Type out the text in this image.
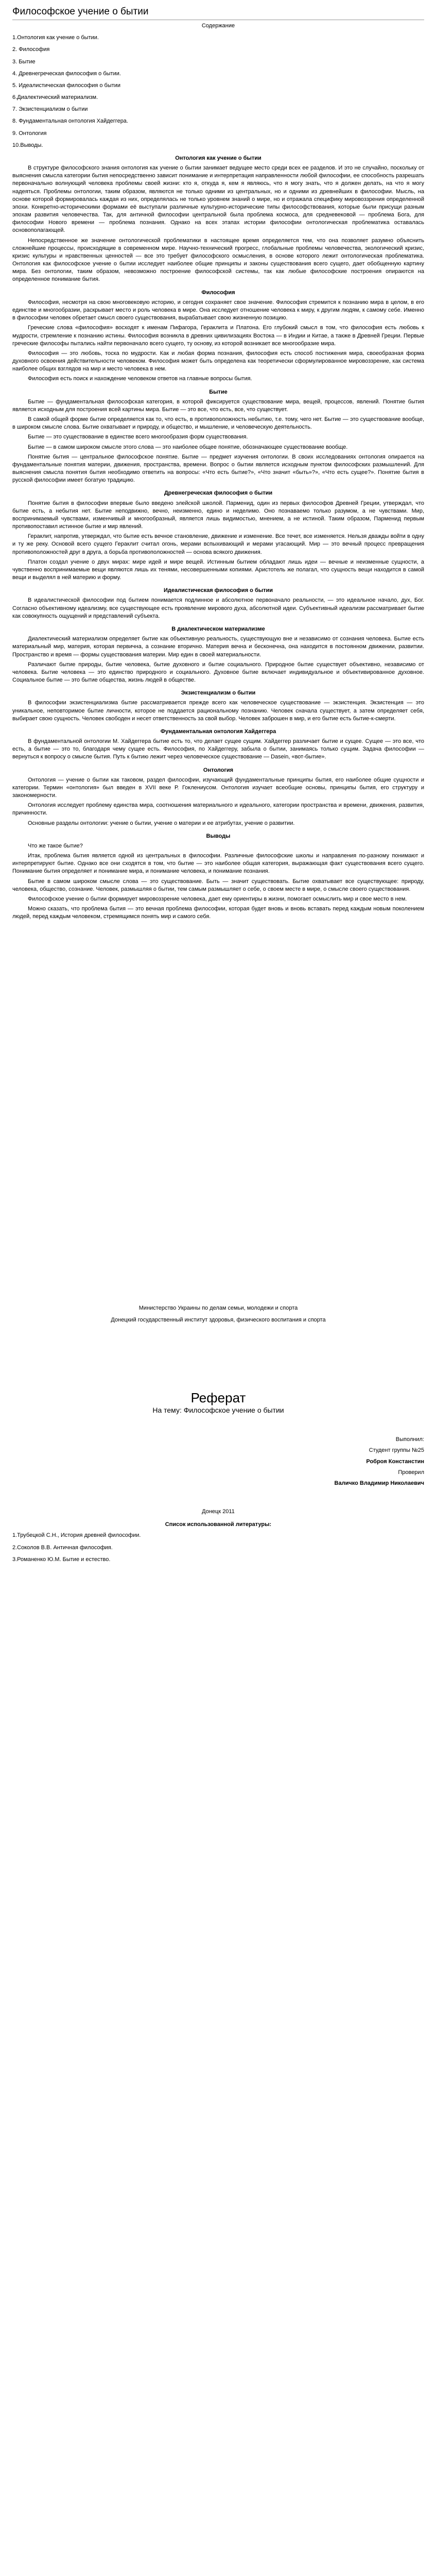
Философское учение о бытии
Содержание
1.Онтология как учение о бытии.
2. Философия
3. Бытие
4. Древнегреческая философия о бытии.
5. Идеалистическая философия о бытии
6.Диалектический материализм.
7. Экзистенциализм о бытии
8. Фундаментальная онтология Хайдеггера.
9. Онтология
10.Выводы.
Онтология как учение о бытии

В структуре философского знания онтология как учение о бытии занимает ведущее место среди всех ее разделов. И это не случайно, поскольку от выяснения смысла категории бытия непосредственно зависит понимание и интерпретация направленности любой философии, ее способность разрешать первоначально волнующий человека проблемы своей жизни: кто я, откуда я, кем я являюсь, что я могу знать, что я должен делать, на что я могу надеяться. Проблемы онтологии, таким образом, являются не только одними из центральных, но и одними из древнейших в философии. Мысль, на основе которой формировалась каждая из них, определялась не только уровнем знаний о мире, но и отражала специфику мировоззрения определенной эпохи. Конкретно-историческими формами её выступали различные культурно-исторические типы философствования, которые были присущи разным эпохам развития человечества. Так, для античной философии центральной была проблема космоса, для средневековой — проблема Бога, для философии Нового времени — проблема познания. Однако на всех этапах истории философии онтологическая проблематика оставалась основополагающей.

Непосредственное же значение онтологической проблематики в настоящее время определяется тем, что она позволяет разумно объяснить сложнейшие процессы, происходящие в современном мире. Научно-технический прогресс, глобальные проблемы человечества, экологический кризис, кризис культуры и нравственных ценностей — все это требует философского осмысления, в основе которого лежит онтологическая проблематика. Онтология как философское учение о бытии исследует наиболее общие принципы и законы существования всего сущего, дает обобщенную картину мира. Без онтологии, таким образом, невозможно построение философской системы, так как любые философские построения опираются на определенное понимание бытия.

Философия

Философия, несмотря на свою многовековую историю, и сегодня сохраняет свое значение. Философия стремится к познанию мира в целом, в его единстве и многообразии, раскрывает место и роль человека в мире. Она исследует отношение человека к миру, к другим людям, к самому себе. Именно в философии человек обретает смысл своего существования, вырабатывает свою жизненную позицию.

Греческие слова «философия» восходят к именам Пифагора, Гераклита и Платона. Его глубокий смысл в том, что философия есть любовь к мудрости, стремление к познанию истины. Философия возникла в древних цивилизациях Востока — в Индии и Китае, а также в Древней Греции. Первые греческие философы пытались найти первоначало всего сущего, ту основу, из которой возникает все многообразие мира.

Философия — это любовь, тоска по мудрости. Как и любая форма познания, философия есть способ постижения мира, своеобразная форма духовного освоения действительности человеком. Философия может быть определена как теоретически сформулированное мировоззрение, как система наиболее общих взглядов на мир и место человека в нем.

Философия есть поиск и нахождение человеком ответов на главные вопросы бытия.

Бытие

Бытие — фундаментальная философская категория, в которой фиксируется существование мира, вещей, процессов, явлений. Понятие бытия является исходным для построения всей картины мира. Бытие — это все, что есть, все, что существует.

В самой общей форме бытие определяется как то, что есть, в противоположность небытию, т.е. тому, чего нет. Бытие — это существование вообще, в широком смысле слова. Бытие охватывает и природу, и общество, и мышление, и человеческую деятельность.

Бытие — это существование в единстве всего многообразия форм существования.

Бытие — в самом широком смысле этого слова — это наиболее общее понятие, обозначающее существование вообще.

Понятие бытия — центральное философское понятие. Бытие — предмет изучения онтологии. В своих исследованиях онтология опирается на фундаментальные понятия материи, движения, пространства, времени. Вопрос о бытии является исходным пунктом философских размышлений. Для выяснения смысла понятия бытия необходимо ответить на вопросы: «Что есть бытие?», «Что значит «быть»?», «Что есть сущее?». Понятие бытия в русской философии имеет богатую традицию.

Древнегреческая философия о бытии

Понятие бытия в философии впервые было введено элейской школой. Парменид, один из первых философов Древней Греции, утверждал, что бытие есть, а небытия нет. Бытие неподвижно, вечно, неизменно, едино и неделимо. Оно познаваемо только разумом, а не чувствами. Мир, воспринимаемый чувствами, изменчивый и многообразный, является лишь видимостью, мнением, а не истиной. Таким образом, Парменид первым противопоставил истинное бытие и мир явлений.

Гераклит, напротив, утверждал, что бытие есть вечное становление, движение и изменение. Все течет, все изменяется. Нельзя дважды войти в одну и ту же реку. Основой всего сущего Гераклит считал огонь, мерами вспыхивающий и мерами угасающий. Мир — это вечный процесс превращения противоположностей друг в друга, а борьба противоположностей — основа всякого движения.

Платон создал учение о двух мирах: мире идей и мире вещей. Истинным бытием обладают лишь идеи — вечные и неизменные сущности, а чувственно воспринимаемые вещи являются лишь их тенями, несовершенными копиями. Аристотель же полагал, что сущность вещи находится в самой вещи и выделял в ней материю и форму.

Идеалистическая философия о бытии

В идеалистической философии под бытием понимается подлинное и абсолютное первоначало реальности, — это идеальное начало, дух, Бог. Согласно объективному идеализму, все существующее есть проявление мирового духа, абсолютной идеи. Субъективный идеализм рассматривает бытие как совокупность ощущений и представлений субъекта.

В диалектическом материализме

Диалектический материализм определяет бытие как объективную реальность, существующую вне и независимо от сознания человека. Бытие есть материальный мир, материя, которая первична, а сознание вторично. Материя вечна и бесконечна, она находится в постоянном движении, развитии. Пространство и время — формы существования материи. Мир един в своей материальности.

Различают бытие природы, бытие человека, бытие духовного и бытие социального. Природное бытие существует объективно, независимо от человека. Бытие человека — это единство природного и социального. Духовное бытие включает индивидуальное и объективированное духовное. Социальное бытие — это бытие общества, жизнь людей в обществе.

Экзистенциализм о бытии

В философии экзистенциализма бытие рассматривается прежде всего как человеческое существование — экзистенция. Экзистенция — это уникальное, неповторимое бытие личности, которое не поддается рациональному познанию. Человек сначала существует, а затем определяет себя, выбирает свою сущность. Человек свободен и несет ответственность за свой выбор. Человек заброшен в мир, и его бытие есть бытие-к-смерти.

Фундаментальная онтология Хайдеггера

В фундаментальной онтологии М. Хайдеггера бытие есть то, что делает сущее сущим. Хайдеггер различает бытие и сущее. Сущее — это все, что есть, а бытие — это то, благодаря чему сущее есть. Философия, по Хайдеггеру, забыла о бытии, занимаясь только сущим. Задача философии — вернуться к вопросу о смысле бытия. Путь к бытию лежит через человеческое существование — Dasein, «вот-бытие».

Онтология

Онтология — учение о бытии как таковом, раздел философии, изучающий фундаментальные принципы бытия, его наиболее общие сущности и категории. Термин «онтология» был введен в XVII веке Р. Гоклениусом. Онтология изучает всеобщие основы, принципы бытия, его структуру и закономерности.

Онтология исследует проблему единства мира, соотношения материального и идеального, категории пространства и времени, движения, развития, причинности.

Основные разделы онтологии: учение о бытии, учение о материи и ее атрибутах, учение о развитии.

Выводы

Что же такое бытие?

Итак, проблема бытия является одной из центральных в философии. Различные философские школы и направления по-разному понимают и интерпретируют бытие. Однако все они сходятся в том, что бытие — это наиболее общая категория, выражающая факт существования всего сущего. Понимание бытия определяет и понимание мира, и понимание человека, и понимание познания.

Бытие в самом широком смысле слова — это существование. Быть — значит существовать. Бытие охватывает все существующее: природу, человека, общество, сознание. Человек, размышляя о бытии, тем самым размышляет о себе, о своем месте в мире, о смысле своего существования.

Философское учение о бытии формирует мировоззрение человека, дает ему ориентиры в жизни, помогает осмыслить мир и свое место в нем.

Можно сказать, что проблема бытия — это вечная проблема философии, которая будет вновь и вновь вставать перед каждым новым поколением людей, перед каждым человеком, стремящимся понять мир и самого себя.

Министерство Украины по делам семьи, молодежи и спорта
Донецкий государственный институт здоровья, физического воспитания и спорта
Реферат
На тему: Философское учение о бытии
Выполнил:
Студент группы №25
Роброя Констанстин
Проверил
Валичко Владимир Николаевич
Донецк 2011
Список использованной литературы:
1.Трубецкой С.Н., История древней философии.
2.Соколов В.В. Античная философия.
3.Романенко Ю.М. Бытие и естество.
